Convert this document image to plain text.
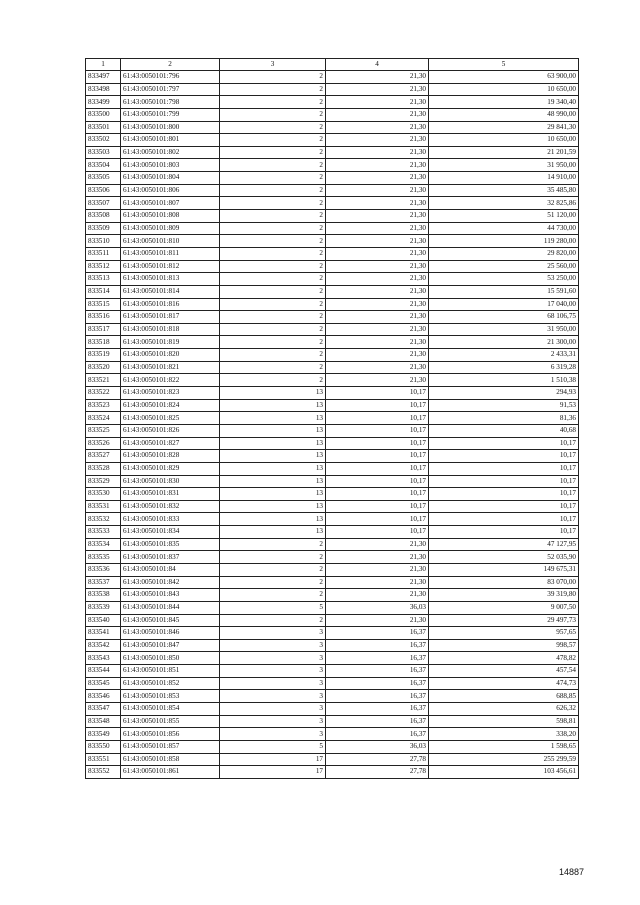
1	2	3	4	5
833497	61:43:0050101:796	2	21,30	63 900,00
833498	61:43:0050101:797	2	21,30	10 650,00
833499	61:43:0050101:798	2	21,30	19 340,40
833500	61:43:0050101:799	2	21,30	48 990,00
833501	61:43:0050101:800	2	21,30	29 841,30
833502	61:43:0050101:801	2	21,30	10 650,00
833503	61:43:0050101:802	2	21,30	21 201,59
833504	61:43:0050101:803	2	21,30	31 950,00
833505	61:43:0050101:804	2	21,30	14 910,00
833506	61:43:0050101:806	2	21,30	35 485,80
833507	61:43:0050101:807	2	21,30	32 825,86
833508	61:43:0050101:808	2	21,30	51 120,00
833509	61:43:0050101:809	2	21,30	44 730,00
833510	61:43:0050101:810	2	21,30	119 280,00
833511	61:43:0050101:811	2	21,30	29 820,00
833512	61:43:0050101:812	2	21,30	25 560,00
833513	61:43:0050101:813	2	21,30	53 250,00
833514	61:43:0050101:814	2	21,30	15 591,60
833515	61:43:0050101:816	2	21,30	17 040,00
833516	61:43:0050101:817	2	21,30	68 106,75
833517	61:43:0050101:818	2	21,30	31 950,00
833518	61:43:0050101:819	2	21,30	21 300,00
833519	61:43:0050101:820	2	21,30	2 433,31
833520	61:43:0050101:821	2	21,30	6 319,28
833521	61:43:0050101:822	2	21,30	1 510,38
833522	61:43:0050101:823	13	10,17	294,93
833523	61:43:0050101:824	13	10,17	91,53
833524	61:43:0050101:825	13	10,17	81,36
833525	61:43:0050101:826	13	10,17	40,68
833526	61:43:0050101:827	13	10,17	10,17
833527	61:43:0050101:828	13	10,17	10,17
833528	61:43:0050101:829	13	10,17	10,17
833529	61:43:0050101:830	13	10,17	10,17
833530	61:43:0050101:831	13	10,17	10,17
833531	61:43:0050101:832	13	10,17	10,17
833532	61:43:0050101:833	13	10,17	10,17
833533	61:43:0050101:834	13	10,17	10,17
833534	61:43:0050101:835	2	21,30	47 127,95
833535	61:43:0050101:837	2	21,30	52 035,90
833536	61:43:0050101:84	2	21,30	149 675,31
833537	61:43:0050101:842	2	21,30	83 070,00
833538	61:43:0050101:843	2	21,30	39 319,80
833539	61:43:0050101:844	5	36,03	9 007,50
833540	61:43:0050101:845	2	21,30	29 497,73
833541	61:43:0050101:846	3	16,37	957,65
833542	61:43:0050101:847	3	16,37	998,57
833543	61:43:0050101:850	3	16,37	478,82
833544	61:43:0050101:851	3	16,37	457,54
833545	61:43:0050101:852	3	16,37	474,73
833546	61:43:0050101:853	3	16,37	688,85
833547	61:43:0050101:854	3	16,37	626,32
833548	61:43:0050101:855	3	16,37	598,81
833549	61:43:0050101:856	3	16,37	338,20
833550	61:43:0050101:857	5	36,03	1 598,65
833551	61:43:0050101:858	17	27,78	255 299,59
833552	61:43:0050101:861	17	27,78	103 456,61
14887
